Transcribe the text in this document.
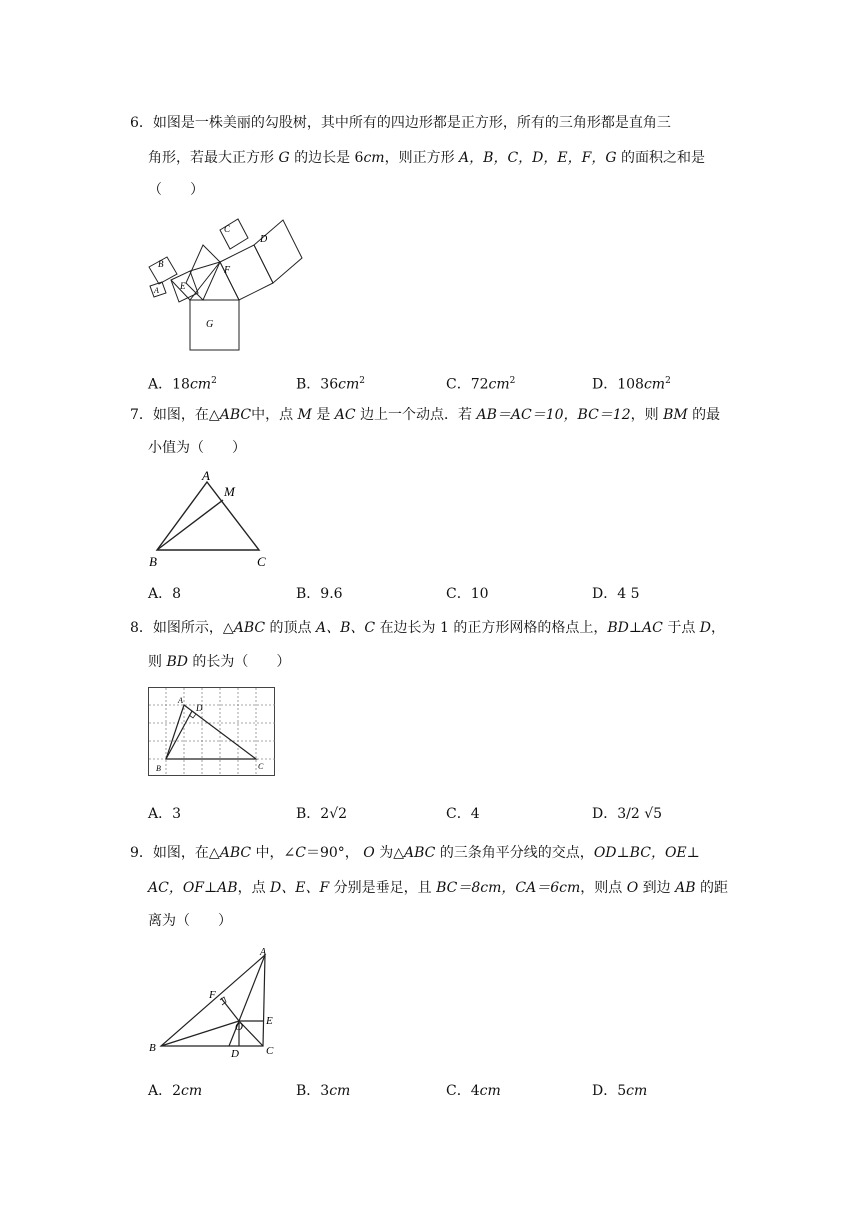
6．如图是一株美丽的勾股树，其中所有的四边形都是正方形，所有的三角形都是直角三
角形，若最大正方形 G 的边长是 6cm，则正方形 A，B，C，D，E，F，G 的面积之和是
（　　）
B
A E
C
D
F
G
A．$18cm^2$	B．$36cm^2$	C．$72cm^2$	D．$108cm^2$
7．如图，在△ABC中，点 M 是 AC 边上一个动点．若 AB＝AC＝10，BC＝12，则 BM 的最
小值为（　　）
A
M
B	C
A．8	B．9.6	C．10	D．4 5
8．如图所示，△ABC 的顶点 A、B、C 在边长为 1 的正方形网格的格点上，BD⊥AC 于点 D，
则 BD 的长为（　　）
A
D
B	C
A．3	B．2√2	C．4	D．3/2 √5
9．如图，在△ABC 中，∠C＝90°， O 为△ABC 的三条角平分线的交点，OD⊥BC，OE⊥
AC，OF⊥AB，点 D、E、F 分别是垂足，且 BC＝8cm，CA＝6cm，则点 O 到边 AB 的距
离为（　　）
A
F
O E
B	D C
A．2cm	B．3cm	C．4cm	D．5cm
